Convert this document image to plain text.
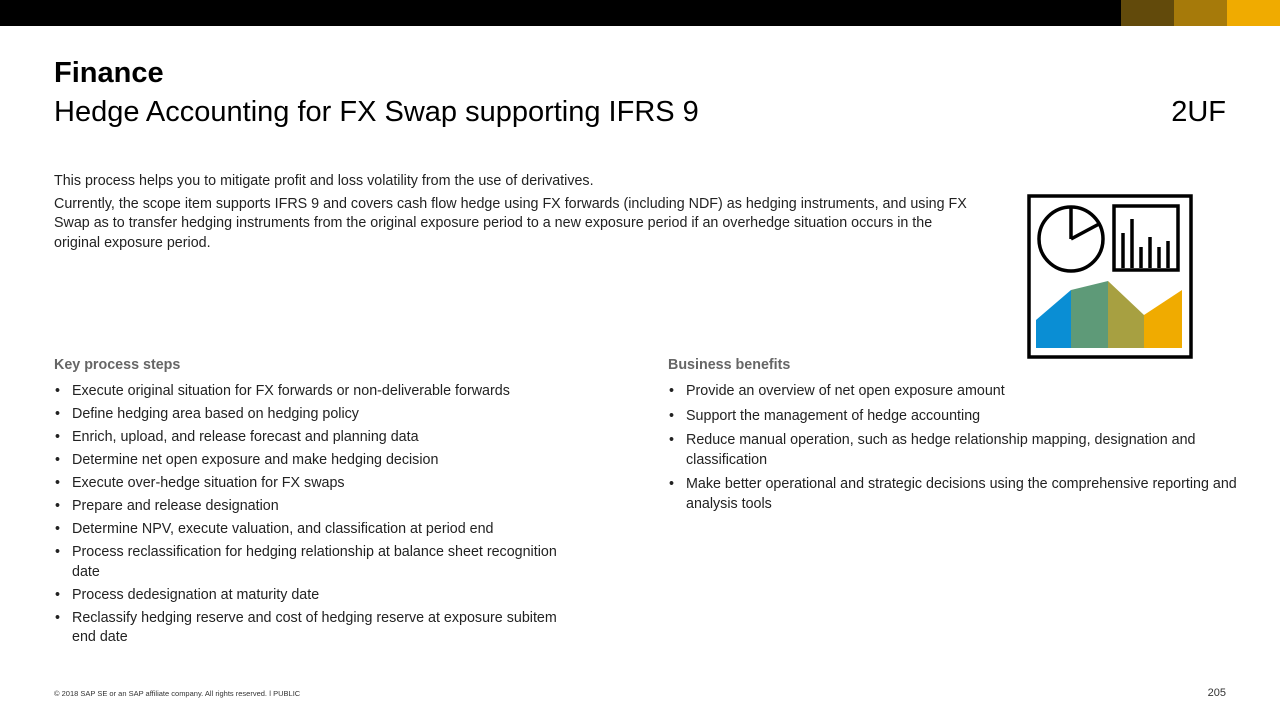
Finance
Hedge Accounting for FX Swap supporting IFRS 9	2UF

This process helps you to mitigate profit and loss volatility from the use of derivatives.

Currently, the scope item supports IFRS 9 and covers cash flow hedge using FX forwards (including NDF) as hedging instruments, and using FX Swap as to transfer hedging instruments from the original exposure period to a new exposure period if an overhedge situation occurs in the original exposure period.

Key process steps
• Execute original situation for FX forwards or non-deliverable forwards
• Define hedging area based on hedging policy
• Enrich, upload, and release forecast and planning data
• Determine net open exposure and make hedging decision
• Execute over-hedge situation for FX swaps
• Prepare and release designation
• Determine NPV, execute valuation, and classification at period end
• Process reclassification for hedging relationship at balance sheet recognition date
• Process dedesignation at maturity date
• Reclassify hedging reserve and cost of hedging reserve at exposure subitem end date
Business benefits
• Provide an overview of net open exposure amount
• Support the management of hedge accounting
• Reduce manual operation, such as hedge relationship mapping, designation and classification
• Make better operational and strategic decisions using the comprehensive reporting and analysis tools
© 2018 SAP SE or an SAP affiliate company. All rights reserved. ǀ PUBLIC	205
